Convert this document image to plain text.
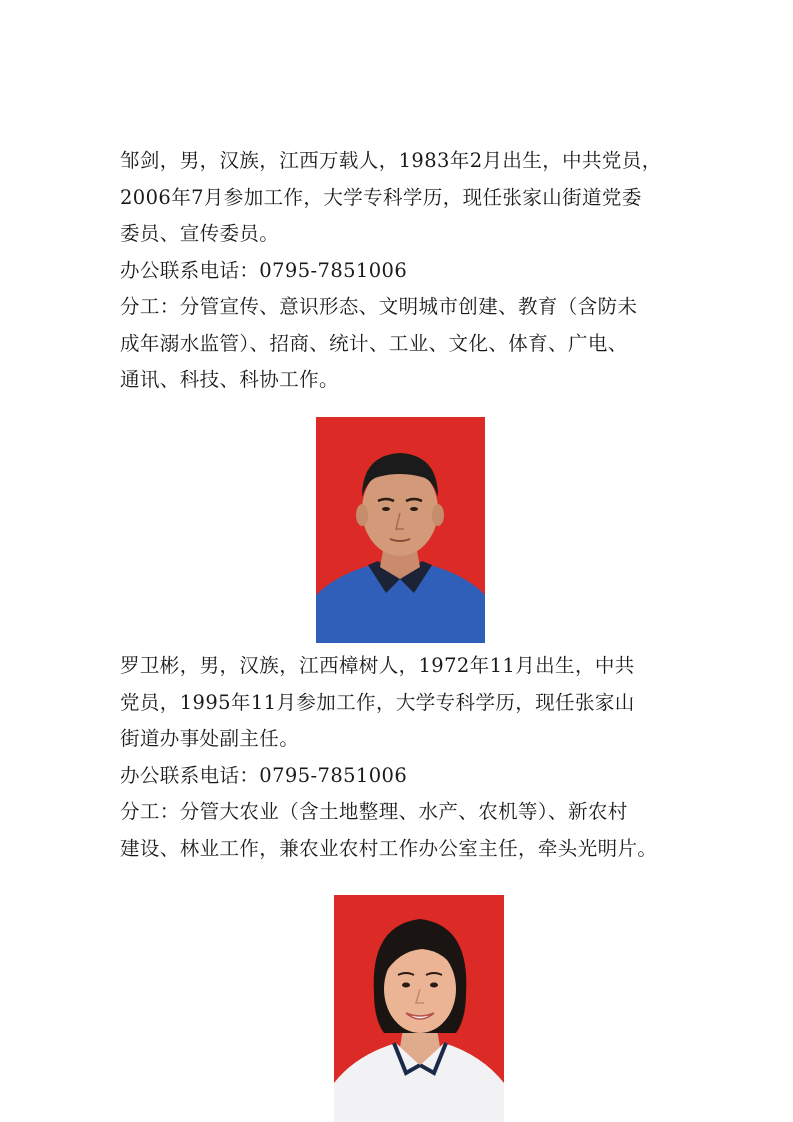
邹剑，男，汉族，江西万载人，1983年2月出生，中共党员，

2006年7月参加工作，大学专科学历，现任张家山街道党委

委员、宣传委员。

办公联系电话：0795-7851006

分工：分管宣传、意识形态、文明城市创建、教育（含防未

成年溺水监管）、招商、统计、工业、文化、体育、广电、

通讯、科技、科协工作。

罗卫彬，男，汉族，江西樟树人，1972年11月出生，中共

党员，1995年11月参加工作，大学专科学历，现任张家山

街道办事处副主任。

办公联系电话：0795-7851006

分工：分管大农业（含土地整理、水产、农机等）、新农村

建设、林业工作，兼农业农村工作办公室主任，牵头光明片。
